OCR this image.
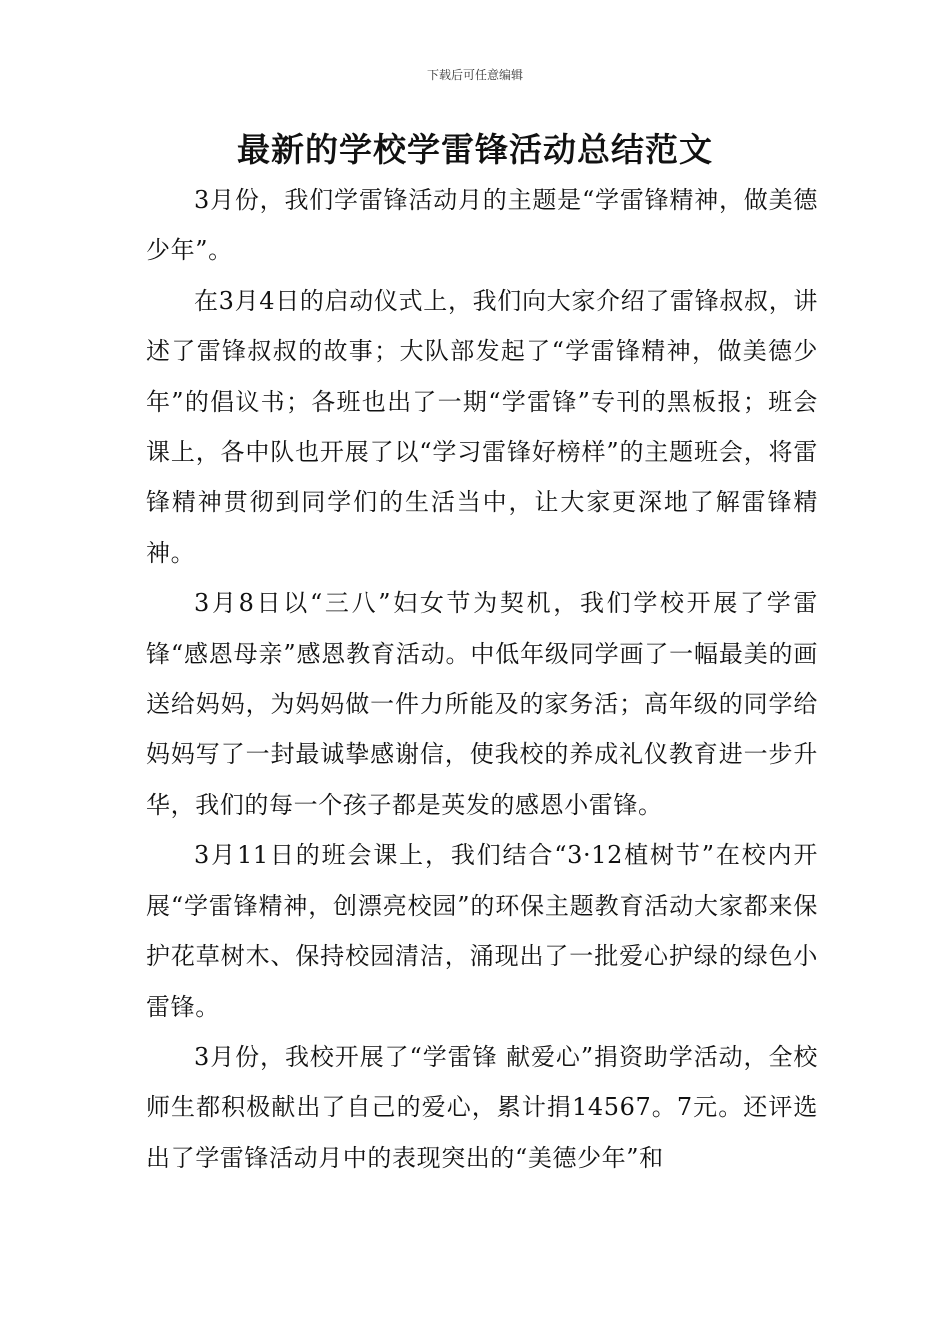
下载后可任意编辑
最新的学校学雷锋活动总结范文

3月份，我们学雷锋活动月的主题是“学雷锋精神，做美德少年”。

在3月4日的启动仪式上，我们向大家介绍了雷锋叔叔，讲述了雷锋叔叔的故事；大队部发起了“学雷锋精神，做美德少年”的倡议书；各班也出了一期“学雷锋”专刊的黑板报；班会课上，各中队也开展了以“学习雷锋好榜样”的主题班会，将雷锋精神贯彻到同学们的生活当中，让大家更深地了解雷锋精神。

3月8日以“三八”妇女节为契机，我们学校开展了学雷锋“感恩母亲”感恩教育活动。中低年级同学画了一幅最美的画送给妈妈，为妈妈做一件力所能及的家务活；高年级的同学给妈妈写了一封最诚挚感谢信，使我校的养成礼仪教育进一步升华，我们的每一个孩子都是英发的感恩小雷锋。

3月11日的班会课上，我们结合“3·12植树节”在校内开展“学雷锋精神，创漂亮校园”的环保主题教育活动大家都来保护花草树木、保持校园清洁，涌现出了一批爱心护绿的绿色小雷锋。

3月份，我校开展了“学雷锋 献爱心”捐资助学活动，全校师生都积极献出了自己的爱心，累计捐14567。7元。还评选出了学雷锋活动月中的表现突出的“美德少年”和
